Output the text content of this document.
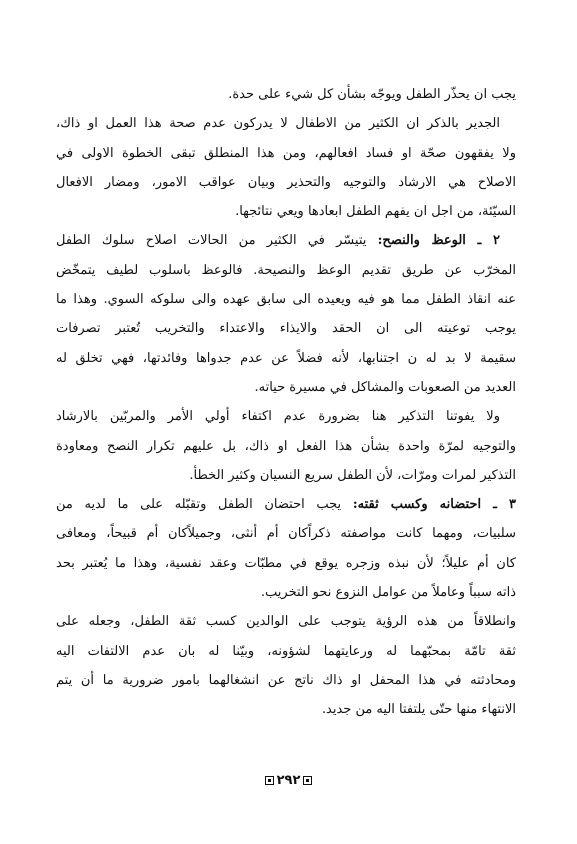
يجب ان يحذّر الطفل ويوجّه بشأن كل شيء على حدة.
الجدير بالذكر ان الكثير من الاطفال لا يدركون عدم صحة هذا العمل او ذاك،
ولا يفقهون صحّة او فساد افعالهم، ومن هذا المنطلق تبقى الخطوة الاولى في
الاصلاح هي الارشاد والتوجيه والتحذير وبيان عواقب الامور، ومضار الافعال
السيّئة، من اجل ان يفهم الطفل ابعادها ويعي نتائجها.
٢ ـ الوعظ والنصح: يتيسّر في الكثير من الحالات اصلاح سلوك الطفل
المخرّب عن طريق تقديم الوعظ والنصيحة. فالوعظ باسلوب لطيف يتمخّض
عنه انقاذ الطفل مما هو فيه ويعيده الى سابق عهده والى سلوكه السوي. وهذا ما
يوجب توعيته الى ان الحقد والايذاء والاعتداء والتخريب تُعتبر تصرفات
سقيمة لا بد له ن اجتنابها، لأنه فضلاً عن عدم جدواها وفائدتها، فهي تخلق له
العديد من الصعوبات والمشاكل في مسيرة حياته.
ولا يفوتنا التذكير هنا بضرورة عدم اكتفاء أولي الأمر والمربّين بالارشاد
والتوجيه لمرّة واحدة بشأن هذا الفعل او ذاك، بل عليهم تكرار النصح ومعاودة
التذكير لمرات ومرّات، لأن الطفل سريع النسيان وكثير الخطأ.
٣ ـ احتضانه وكسب ثقته: يجب احتضان الطفل وتقبّله على ما لديه من
سلبيات، ومهما كانت مواصفته ذكراًكان أم أنثى، وجميلاًكان أم قبيحاً، ومعافى
كان أم عليلاً؛ لأن نبذه وزجره يوقع في مطبّات وعقد نفسية، وهذا ما يُعتبر بحد
ذاته سبباً وعاملاً من عوامل النزوع نحو التخريب.
وانطلاقاً من هذه الرؤية يتوجب على الوالدين كسب ثقة الطفل، وجعله على
ثقة تامّة بمحبّهما له ورعايتهما لشؤونه، وبيّنا له بان عدم الالتفات اليه
ومحادثته في هذا المحفل او ذاك ناتج عن انشغالهما بامور ضرورية ما أن يتم
الانتهاء منها حتّى يلتفتا اليه من جديد.
٢٩٢
